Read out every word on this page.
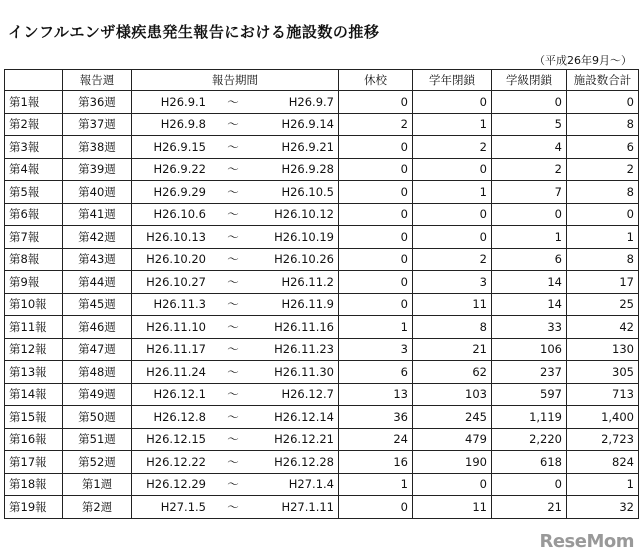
インフルエンザ様疾患発生報告における施設数の推移
（平成26年9月～）
	報告週	報告期間	休校	学年閉鎖	学級閉鎖	施設数合計
第1報	第36週	H26.9.1 ～ H26.9.7	0	0	0	0
第2報	第37週	H26.9.8 ～ H26.9.14	2	1	5	8
第3報	第38週	H26.9.15 ～ H26.9.21	0	2	4	6
第4報	第39週	H26.9.22 ～ H26.9.28	0	0	2	2
第5報	第40週	H26.9.29 ～ H26.10.5	0	1	7	8
第6報	第41週	H26.10.6 ～ H26.10.12	0	0	0	0
第7報	第42週	H26.10.13 ～ H26.10.19	0	0	1	1
第8報	第43週	H26.10.20 ～ H26.10.26	0	2	6	8
第9報	第44週	H26.10.27 ～ H26.11.2	0	3	14	17
第10報	第45週	H26.11.3 ～ H26.11.9	0	11	14	25
第11報	第46週	H26.11.10 ～ H26.11.16	1	8	33	42
第12報	第47週	H26.11.17 ～ H26.11.23	3	21	106	130
第13報	第48週	H26.11.24 ～ H26.11.30	6	62	237	305
第14報	第49週	H26.12.1 ～ H26.12.7	13	103	597	713
第15報	第50週	H26.12.8 ～ H26.12.14	36	245	1,119	1,400
第16報	第51週	H26.12.15 ～ H26.12.21	24	479	2,220	2,723
第17報	第52週	H26.12.22 ～ H26.12.28	16	190	618	824
第18報	第1週	H26.12.29 ～ H27.1.4	1	0	0	1
第19報	第2週	H27.1.5 ～ H27.1.11	0	11	21	32
ReseMom
